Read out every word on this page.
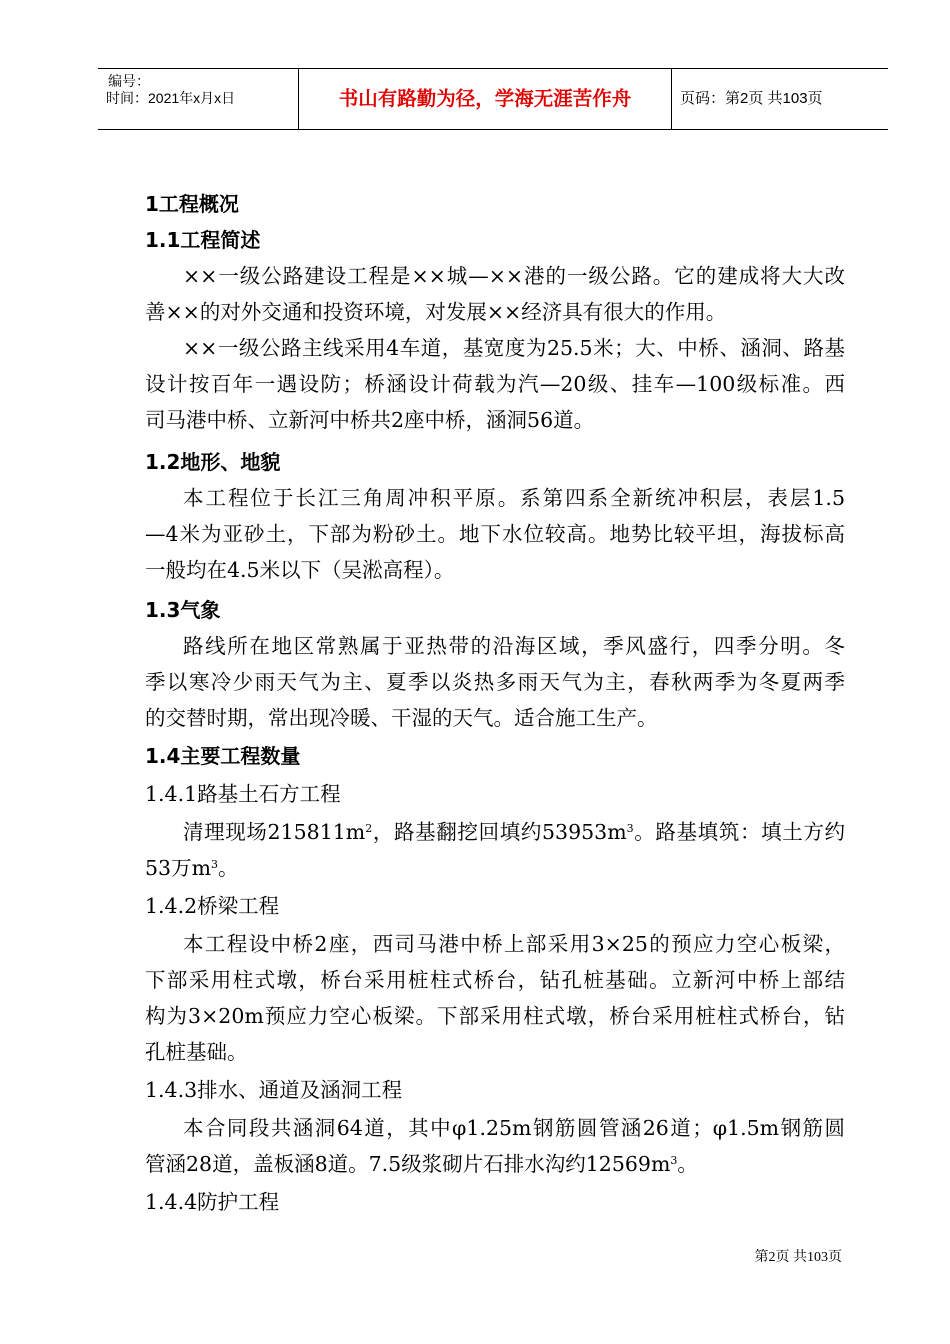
编号：
时间：2021年x月x日	书山有路勤为径，学海无涯苦作舟	页码：第2页 共103页
1工程概况
1.1工程简述
××一级公路建设工程是××城—××港的一级公路。它的建成将大大改
善××的对外交通和投资环境，对发展××经济具有很大的作用。
××一级公路主线采用4车道，基宽度为25.5米；大、中桥、涵洞、路基
设计按百年一遇设防；桥涵设计荷载为汽—20级、挂车—100级标准。西
司马港中桥、立新河中桥共2座中桥，涵洞56道。
1.2地形、地貌
本工程位于长江三角周冲积平原。系第四系全新统冲积层，表层1.5
—4米为亚砂土，下部为粉砂土。地下水位较高。地势比较平坦，海拔标高
一般均在4.5米以下（吴淞高程）。
1.3气象
路线所在地区常熟属于亚热带的沿海区域，季风盛行，四季分明。冬
季以寒冷少雨天气为主、夏季以炎热多雨天气为主，春秋两季为冬夏两季
的交替时期，常出现冷暖、干湿的天气。适合施工生产。
1.4主要工程数量
1.4.1路基土石方工程
清理现场$215811m^2$，路基翻挖回填约$53953m^3$。路基填筑：填土方约
53万$m^3$。
1.4.2桥梁工程
本工程设中桥2座，西司马港中桥上部采用3×25的预应力空心板梁，
下部采用柱式墩，桥台采用桩柱式桥台，钻孔桩基础。立新河中桥上部结
构为3×20m预应力空心板梁。下部采用柱式墩，桥台采用桩柱式桥台，钻
孔桩基础。
1.4.3排水、通道及涵洞工程
本合同段共涵洞64道，其中φ1.25m钢筋圆管涵26道；φ1.5m钢筋圆
管涵28道，盖板涵8道。7.5级浆砌片石排水沟约$12569m^3$。
1.4.4防护工程
第2页 共103页
